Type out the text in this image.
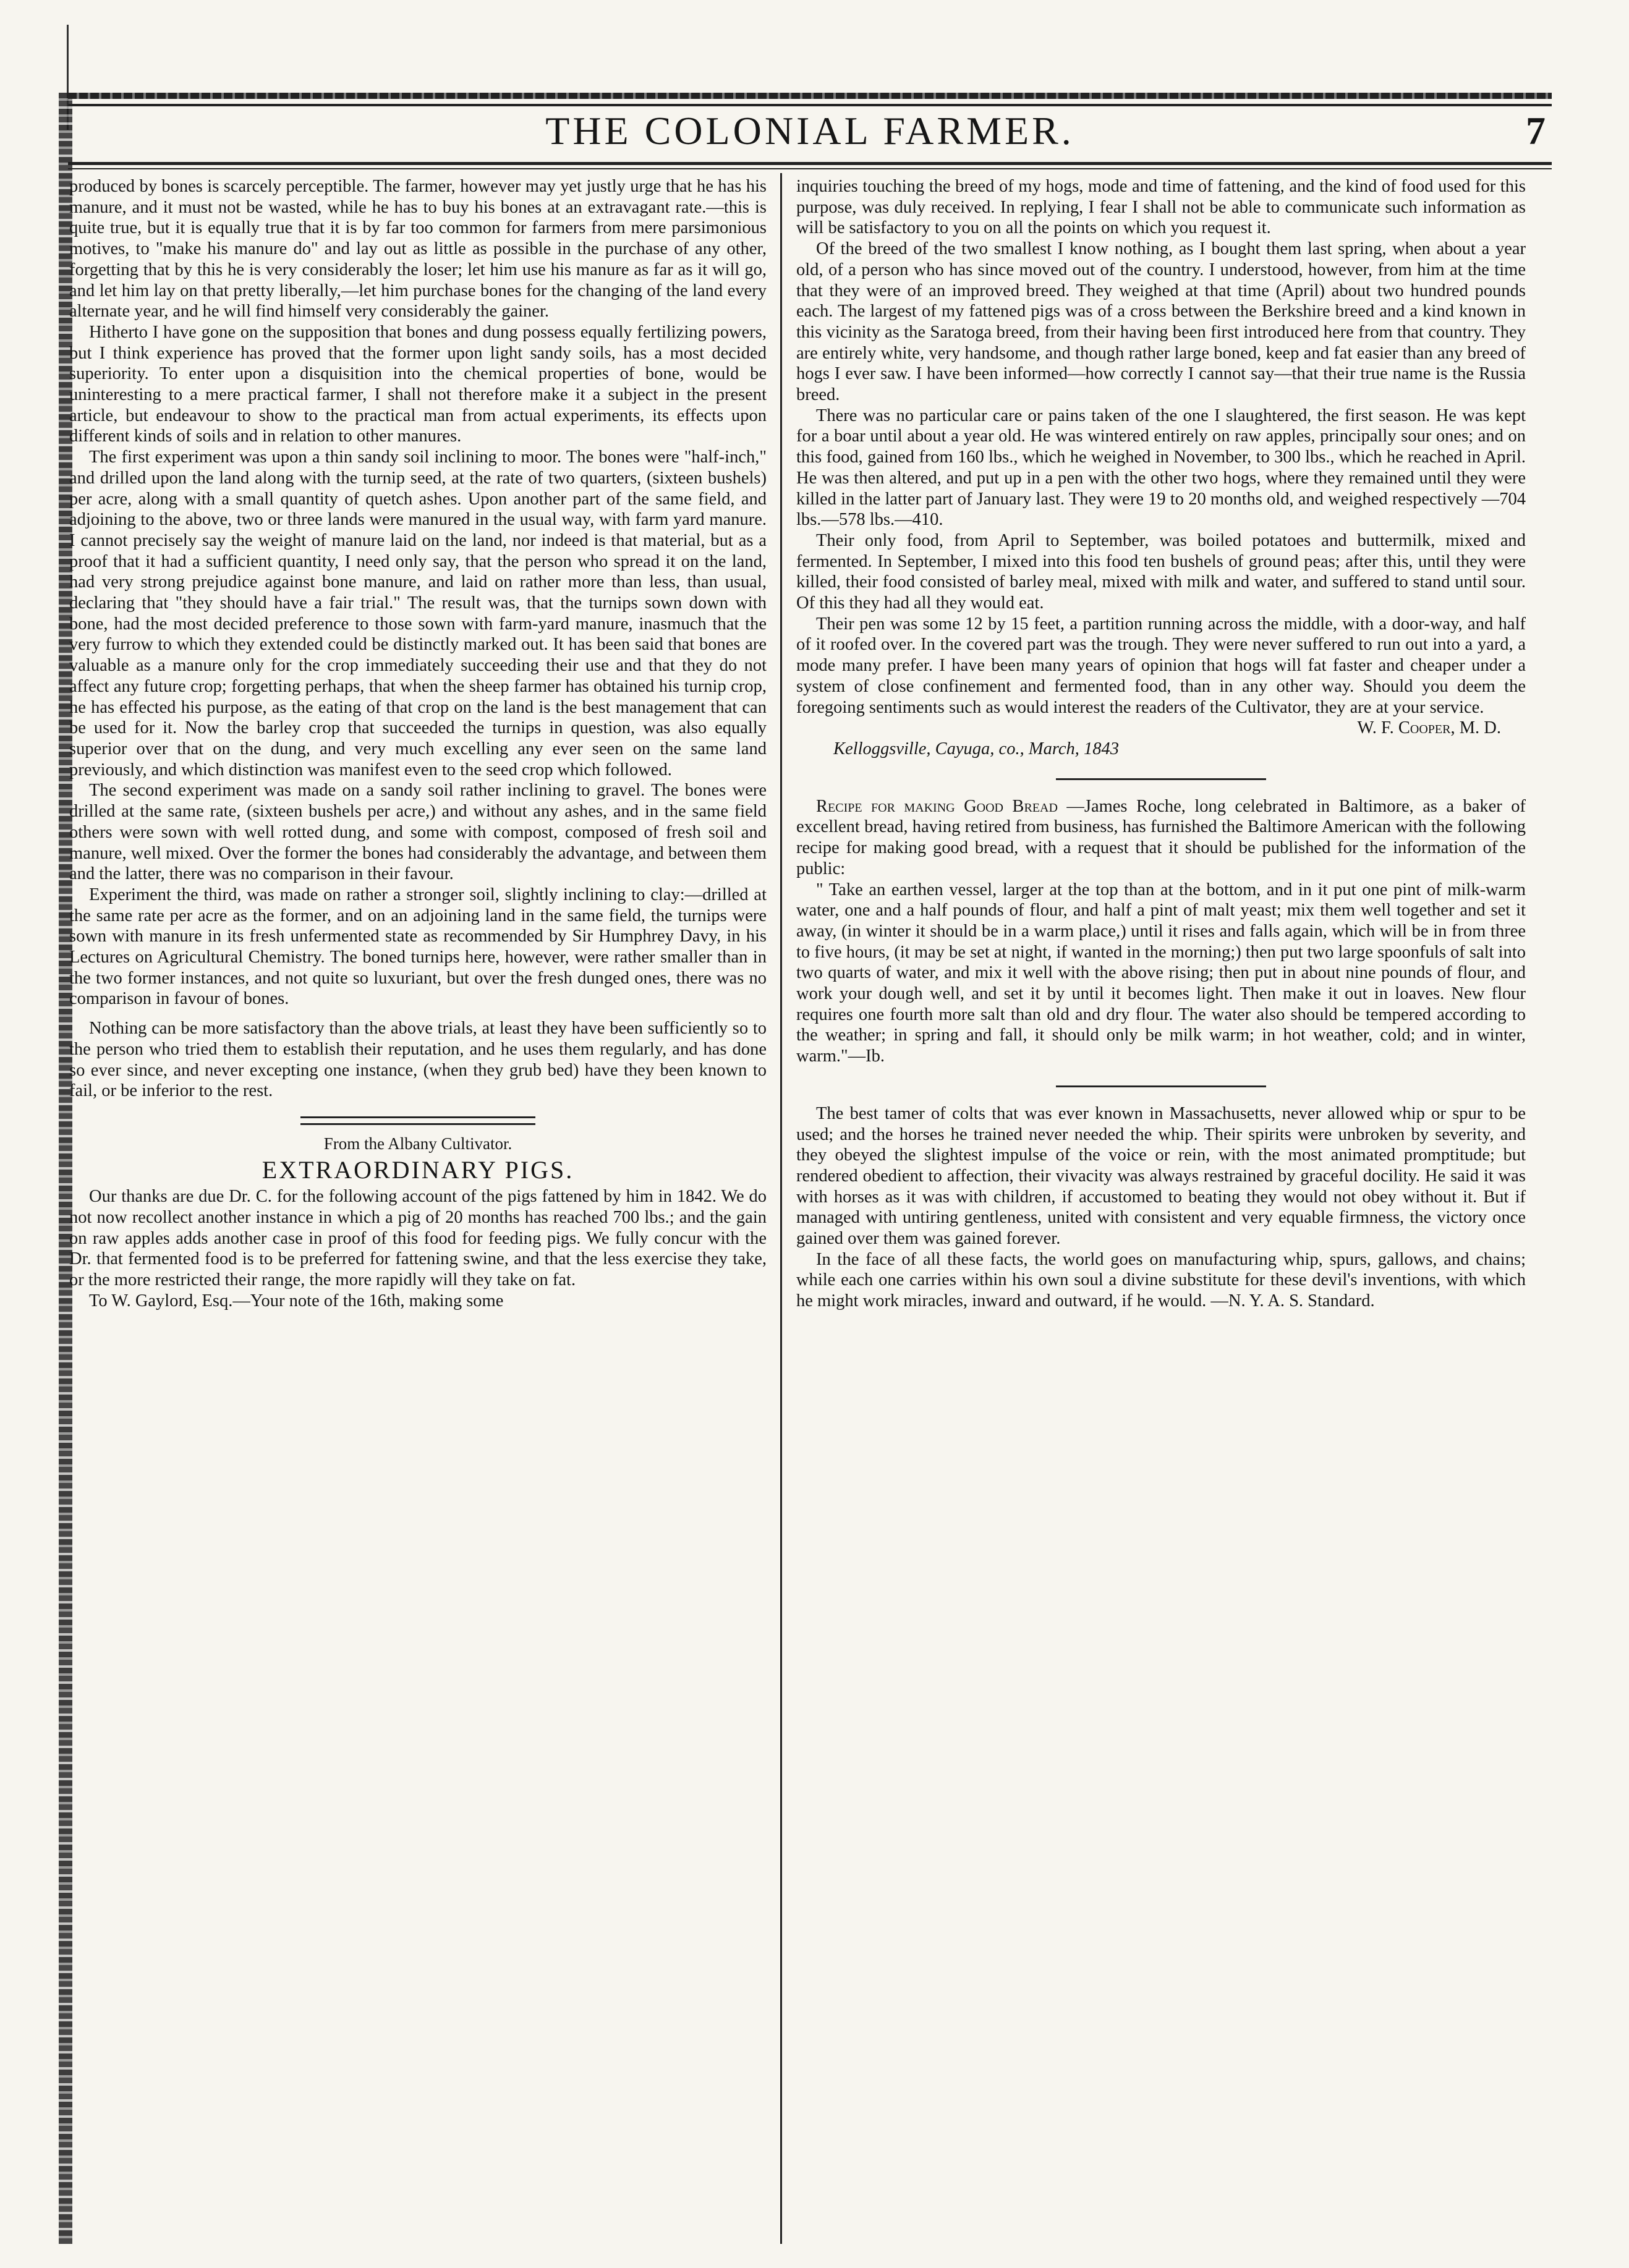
THE COLONIAL FARMER.	7

produced by bones is scarcely perceptible. The farmer, however may yet justly urge that he has his manure, and it must not be wasted, while he has to buy his bones at an extravagant rate.—this is quite true, but it is equally true that it is by far too common for farmers from mere parsimonious motives, to "make his manure do" and lay out as little as possible in the purchase of any other, forgetting that by this he is very considerably the loser; let him use his manure as far as it will go, and let him lay on that pretty liberally,—let him purchase bones for the changing of the land every alternate year, and he will find himself very considerably the gainer.

Hitherto I have gone on the supposition that bones and dung possess equally fertilizing powers, but I think experience has proved that the former upon light sandy soils, has a most decided superiority. To enter upon a disquisition into the chemical properties of bone, would be uninteresting to a mere practical farmer, I shall not therefore make it a subject in the present article, but endeavour to show to the practical man from actual experiments, its effects upon different kinds of soils and in relation to other manures.

The first experiment was upon a thin sandy soil inclining to moor. The bones were "half-inch," and drilled upon the land along with the turnip seed, at the rate of two quarters, (sixteen bushels) per acre, along with a small quantity of quetch ashes. Upon another part of the same field, and adjoining to the above, two or three lands were manured in the usual way, with farm yard manure. I cannot precisely say the weight of manure laid on the land, nor indeed is that material, but as a proof that it had a sufficient quantity, I need only say, that the person who spread it on the land, had very strong prejudice against bone manure, and laid on rather more than less, than usual, declaring that "they should have a fair trial." The result was, that the turnips sown down with bone, had the most decided preference to those sown with farm-yard manure, inasmuch that the very furrow to which they extended could be distinctly marked out. It has been said that bones are valuable as a manure only for the crop immediately succeeding their use and that they do not affect any future crop; forgetting perhaps, that when the sheep farmer has obtained his turnip crop, he has effected his purpose, as the eating of that crop on the land is the best management that can be used for it. Now the barley crop that succeeded the turnips in question, was also equally superior over that on the dung, and very much excelling any ever seen on the same land previously, and which distinction was manifest even to the seed crop which followed.

The second experiment was made on a sandy soil rather inclining to gravel. The bones were drilled at the same rate, (sixteen bushels per acre,) and without any ashes, and in the same field others were sown with well rotted dung, and some with compost, composed of fresh soil and manure, well mixed. Over the former the bones had considerably the advantage, and between them and the latter, there was no comparison in their favour.

Experiment the third, was made on rather a stronger soil, slightly inclining to clay:—drilled at the same rate per acre as the former, and on an adjoining land in the same field, the turnips were sown with manure in its fresh unfermented state as recommended by Sir Humphrey Davy, in his Lectures on Agricultural Chemistry. The boned turnips here, however, were rather smaller than in the two former instances, and not quite so luxuriant, but over the fresh dunged ones, there was no comparison in favour of bones.

Nothing can be more satisfactory than the above trials, at least they have been sufficiently so to the person who tried them to establish their reputation, and he uses them regularly, and has done so ever since, and never excepting one instance, (when they grub bed) have they been known to fail, or be inferior to the rest.

From the Albany Cultivator.
EXTRAORDINARY PIGS.

Our thanks are due Dr. C. for the following account of the pigs fattened by him in 1842. We do not now recollect another instance in which a pig of 20 months has reached 700 lbs.; and the gain on raw apples adds another case in proof of this food for feeding pigs. We fully concur with the Dr. that fermented food is to be preferred for fattening swine, and that the less exercise they take, or the more restricted their range, the more rapidly will they take on fat.

To W. Gaylord, Esq.—Your note of the 16th, making some

inquiries touching the breed of my hogs, mode and time of fattening, and the kind of food used for this purpose, was duly received. In replying, I fear I shall not be able to communicate such information as will be satisfactory to you on all the points on which you request it.

Of the breed of the two smallest I know nothing, as I bought them last spring, when about a year old, of a person who has since moved out of the country. I understood, however, from him at the time that they were of an improved breed. They weighed at that time (April) about two hundred pounds each. The largest of my fattened pigs was of a cross between the Berkshire breed and a kind known in this vicinity as the Saratoga breed, from their having been first introduced here from that country. They are entirely white, very handsome, and though rather large boned, keep and fat easier than any breed of hogs I ever saw. I have been informed—how correctly I cannot say—that their true name is the Russia breed.

There was no particular care or pains taken of the one I slaughtered, the first season. He was kept for a boar until about a year old. He was wintered entirely on raw apples, principally sour ones; and on this food, gained from 160 lbs., which he weighed in November, to 300 lbs., which he reached in April. He was then altered, and put up in a pen with the other two hogs, where they remained until they were killed in the latter part of January last. They were 19 to 20 months old, and weighed respectively —704 lbs.—578 lbs.—410.

Their only food, from April to September, was boiled potatoes and buttermilk, mixed and fermented. In September, I mixed into this food ten bushels of ground peas; after this, until they were killed, their food consisted of barley meal, mixed with milk and water, and suffered to stand until sour. Of this they had all they would eat.

Their pen was some 12 by 15 feet, a partition running across the middle, with a door-way, and half of it roofed over. In the covered part was the trough. They were never suffered to run out into a yard, a mode many prefer. I have been many years of opinion that hogs will fat faster and cheaper under a system of close confinement and fermented food, than in any other way. Should you deem the foregoing sentiments such as would interest the readers of the Cultivator, they are at your service.

W. F. Cooper, M. D.

Kelloggsville, Cayuga, co., March, 1843

Recipe for making Good Bread —James Roche, long celebrated in Baltimore, as a baker of excellent bread, having retired from business, has furnished the Baltimore American with the following recipe for making good bread, with a request that it should be published for the information of the public:

" Take an earthen vessel, larger at the top than at the bottom, and in it put one pint of milk-warm water, one and a half pounds of flour, and half a pint of malt yeast; mix them well together and set it away, (in winter it should be in a warm place,) until it rises and falls again, which will be in from three to five hours, (it may be set at night, if wanted in the morning;) then put two large spoonfuls of salt into two quarts of water, and mix it well with the above rising; then put in about nine pounds of flour, and work your dough well, and set it by until it becomes light. Then make it out in loaves. New flour requires one fourth more salt than old and dry flour. The water also should be tempered according to the weather; in spring and fall, it should only be milk warm; in hot weather, cold; and in winter, warm."—Ib.

The best tamer of colts that was ever known in Massachusetts, never allowed whip or spur to be used; and the horses he trained never needed the whip. Their spirits were unbroken by severity, and they obeyed the slightest impulse of the voice or rein, with the most animated promptitude; but rendered obedient to affection, their vivacity was always restrained by graceful docility. He said it was with horses as it was with children, if accustomed to beating they would not obey without it. But if managed with untiring gentleness, united with consistent and very equable firmness, the victory once gained over them was gained forever.

In the face of all these facts, the world goes on manufacturing whip, spurs, gallows, and chains; while each one carries within his own soul a divine substitute for these devil's inventions, with which he might work miracles, inward and outward, if he would. —N. Y. A. S. Standard.
